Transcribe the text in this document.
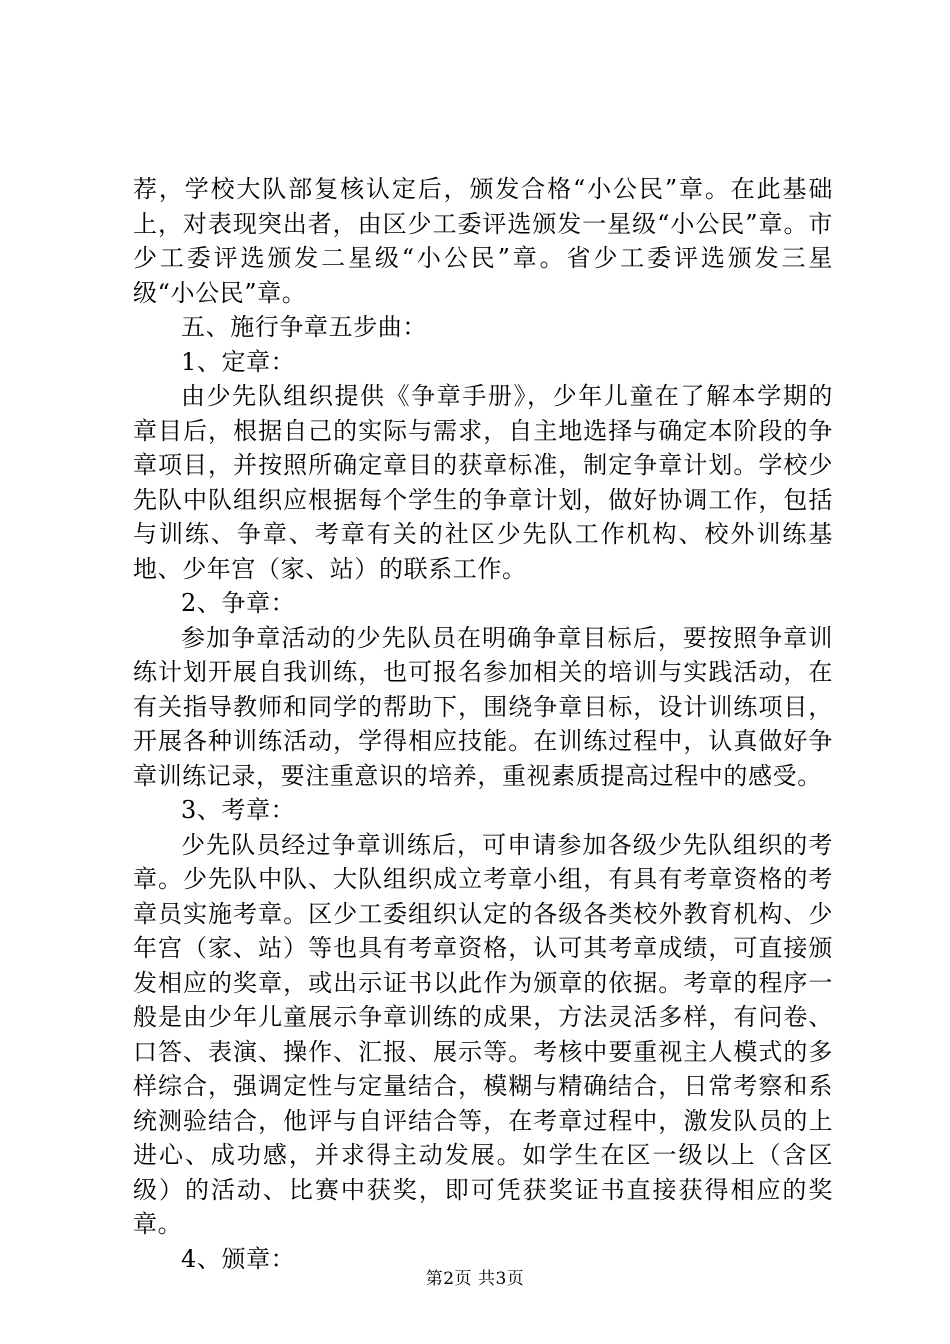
荐，学校大队部复核认定后，颁发合格“小公民”章。在此基础上，对表现突出者，由区少工委评选颁发一星级“小公民”章。市少工委评选颁发二星级“小公民”章。省少工委评选颁发三星级“小公民”章。

五、施行争章五步曲：

1、定章：

由少先队组织提供《争章手册》，少年儿童在了解本学期的章目后，根据自己的实际与需求，自主地选择与确定本阶段的争章项目，并按照所确定章目的获章标准，制定争章计划。学校少先队中队组织应根据每个学生的争章计划，做好协调工作，包括与训练、争章、考章有关的社区少先队工作机构、校外训练基地、少年宫（家、站）的联系工作。

2、争章：

参加争章活动的少先队员在明确争章目标后，要按照争章训练计划开展自我训练，也可报名参加相关的培训与实践活动，在有关指导教师和同学的帮助下，围绕争章目标，设计训练项目，开展各种训练活动，学得相应技能。在训练过程中，认真做好争章训练记录，要注重意识的培养，重视素质提高过程中的感受。

3、考章：

少先队员经过争章训练后，可申请参加各级少先队组织的考章。少先队中队、大队组织成立考章小组，有具有考章资格的考章员实施考章。区少工委组织认定的各级各类校外教育机构、少年宫（家、站）等也具有考章资格，认可其考章成绩，可直接颁发相应的奖章，或出示证书以此作为颁章的依据。考章的程序一般是由少年儿童展示争章训练的成果，方法灵活多样，有问卷、口答、表演、操作、汇报、展示等。考核中要重视主人模式的多样综合，强调定性与定量结合，模糊与精确结合，日常考察和系统测验结合，他评与自评结合等，在考章过程中，激发队员的上进心、成功感，并求得主动发展。如学生在区一级以上（含区级）的活动、比赛中获奖，即可凭获奖证书直接获得相应的奖章。

4、颁章：

第2页 共3页
